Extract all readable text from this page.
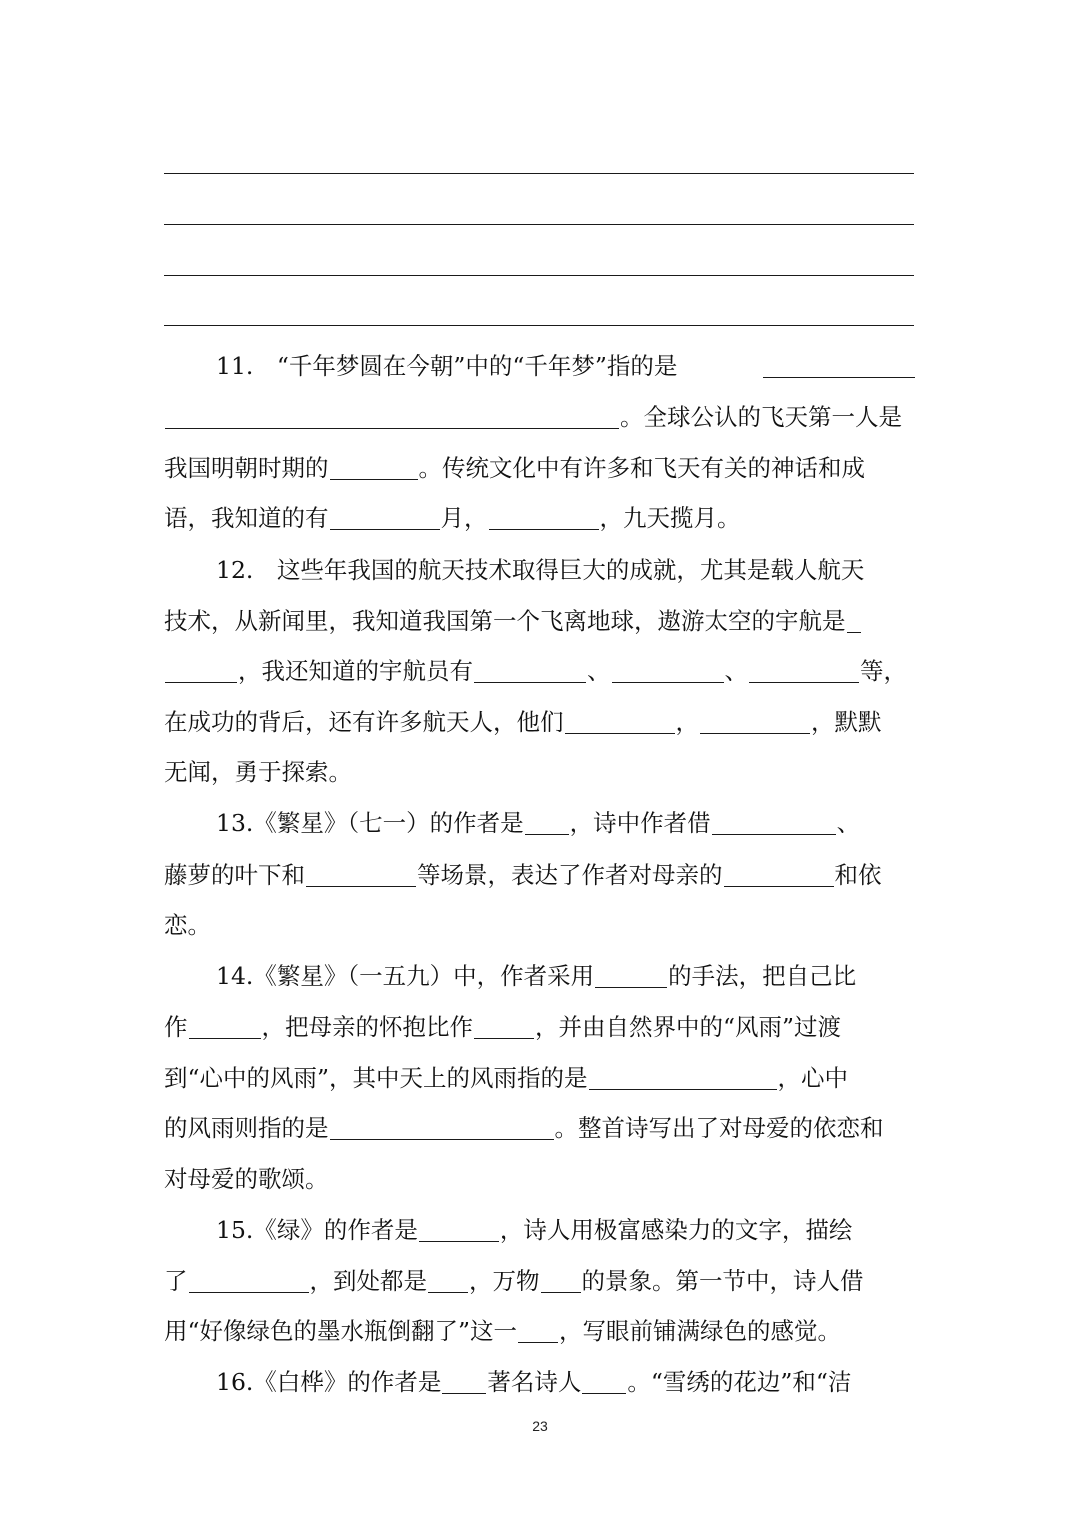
11.　“千年梦圆在今朝”中的“千年梦”指的是
。全球公认的飞天第一人是
我国明朝时期的	。传统文化中有许多和飞天有关的神话和成
语，我知道的有	月，	，九天揽月。
12.　这些年我国的航天技术取得巨大的成就，尤其是载人航天
技术，从新闻里，我知道我国第一个飞离地球，遨游太空的宇航是
，我还知道的宇航员有	、	、	等，
在成功的背后，还有许多航天人，他们	，	，默默
无闻，勇于探索。
13.《繁星》（七一）的作者是 ，诗中作者借	、
藤萝的叶下和	等场景，表达了作者对母亲的	和依
恋。
14.《繁星》（一五九）中，作者采用	的手法，把自己比
作	，把母亲的怀抱比作	，并由自然界中的“风雨”过渡
到“心中的风雨”，其中天上的风雨指的是	，心中
的风雨则指的是	。整首诗写出了对母爱的依恋和
对母爱的歌颂。
15.《绿》的作者是	，诗人用极富感染力的文字，描绘
了	，到处都是 ，万物 的景象。第一节中，诗人借
用“好像绿色的墨水瓶倒翻了”这一 ，写眼前铺满绿色的感觉。
16.《白桦》的作者是 著名诗人 。“雪绣的花边”和“洁
23
